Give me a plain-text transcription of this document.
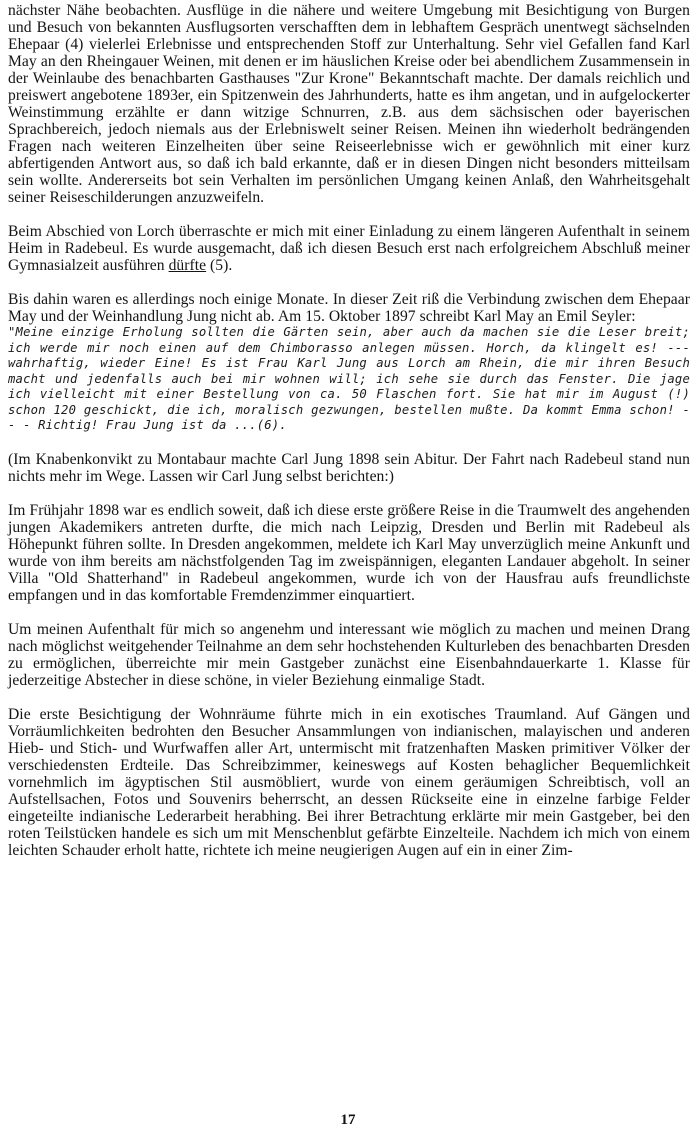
nächster Nähe beobachten. Ausflüge in die nähere und weitere Umgebung mit Besichtigung von Burgen und Besuch von bekannten Ausflugsorten verschafften dem in lebhaftem Gespräch unentwegt sächselnden Ehepaar (4) vielerlei Erlebnisse und entsprechenden Stoff zur Unterhaltung. Sehr viel Gefallen fand Karl May an den Rheingauer Weinen, mit denen er im häuslichen Kreise oder bei abendlichem Zusammensein in der Weinlaube des benachbarten Gasthauses "Zur Krone" Bekanntschaft machte. Der damals reichlich und preiswert angebotene 1893er, ein Spitzenwein des Jahrhunderts, hatte es ihm angetan, und in aufgelockerter Weinstimmung erzählte er dann witzige Schnurren, z.B. aus dem sächsischen oder bayerischen Sprachbereich, jedoch niemals aus der Erlebniswelt seiner Reisen. Meinen ihn wiederholt bedrängenden Fragen nach weiteren Einzelheiten über seine Reiseerlebnisse wich er gewöhnlich mit einer kurz abfertigenden Antwort aus, so daß ich bald erkannte, daß er in diesen Dingen nicht besonders mitteilsam sein wollte. Andererseits bot sein Verhalten im persönlichen Umgang keinen Anlaß, den Wahrheitsgehalt seiner Reiseschilderungen anzuzweifeln.

Beim Abschied von Lorch überraschte er mich mit einer Einladung zu einem längeren Aufenthalt in seinem Heim in Radebeul. Es wurde ausgemacht, daß ich diesen Besuch erst nach erfolgreichem Abschluß meiner Gymnasialzeit ausführen dürfte (5).

Bis dahin waren es allerdings noch einige Monate. In dieser Zeit riß die Verbindung zwischen dem Ehepaar May und der Weinhandlung Jung nicht ab. Am 15. Oktober 1897 schreibt Karl May an Emil Seyler:

"Meine einzige Erholung sollten die Gärten sein, aber auch da machen sie die Leser breit; ich werde mir noch einen auf dem Chimborasso anlegen müssen. Horch, da klingelt es! --- wahrhaftig, wieder Eine! Es ist Frau Karl Jung aus Lorch am Rhein, die mir ihren Besuch macht und jedenfalls auch bei mir wohnen will; ich sehe sie durch das Fenster. Die jage ich vielleicht mit einer Bestellung von ca. 50 Flaschen fort. Sie hat mir im August (!) schon 120 geschickt, die ich, moralisch gezwungen, bestellen mußte. Da kommt Emma schon! - - - Richtig! Frau Jung ist da ...(6).

(Im Knabenkonvikt zu Montabaur machte Carl Jung 1898 sein Abitur. Der Fahrt nach Radebeul stand nun nichts mehr im Wege. Lassen wir Carl Jung selbst berichten:)

Im Frühjahr 1898 war es endlich soweit, daß ich diese erste größere Reise in die Traumwelt des angehenden jungen Akademikers antreten durfte, die mich nach Leipzig, Dresden und Berlin mit Radebeul als Höhepunkt führen sollte. In Dresden angekommen, meldete ich Karl May unverzüglich meine Ankunft und wurde von ihm bereits am nächstfolgenden Tag im zweispännigen, eleganten Landauer abgeholt. In seiner Villa "Old Shatterhand" in Radebeul angekommen, wurde ich von der Hausfrau aufs freundlichste empfangen und in das komfortable Fremdenzimmer einquartiert.

Um meinen Aufenthalt für mich so angenehm und interessant wie möglich zu machen und meinen Drang nach möglichst weitgehender Teilnahme an dem sehr hochstehenden Kulturleben des benachbarten Dresden zu ermöglichen, überreichte mir mein Gastgeber zunächst eine Eisenbahndauerkarte 1. Klasse für jederzeitige Abstecher in diese schöne, in vieler Beziehung einmalige Stadt.

Die erste Besichtigung der Wohnräume führte mich in ein exotisches Traumland. Auf Gängen und Vorräumlichkeiten bedrohten den Besucher Ansammlungen von indianischen, malayischen und anderen Hieb- und Stich- und Wurfwaffen aller Art, untermischt mit fratzenhaften Masken primitiver Völker der verschiedensten Erdteile. Das Schreibzimmer, keineswegs auf Kosten behaglicher Bequemlichkeit vornehmlich im ägyptischen Stil ausmöbliert, wurde von einem geräumigen Schreibtisch, voll an Aufstellsachen, Fotos und Souvenirs beherrscht, an dessen Rückseite eine in einzelne farbige Felder eingeteilte indianische Lederarbeit herabhing. Bei ihrer Betrachtung erklärte mir mein Gastgeber, bei den roten Teilstücken handele es sich um mit Menschenblut gefärbte Einzelteile. Nachdem ich mich von einem leichten Schauder erholt hatte, richtete ich meine neugierigen Augen auf ein in einer Zim-

17
